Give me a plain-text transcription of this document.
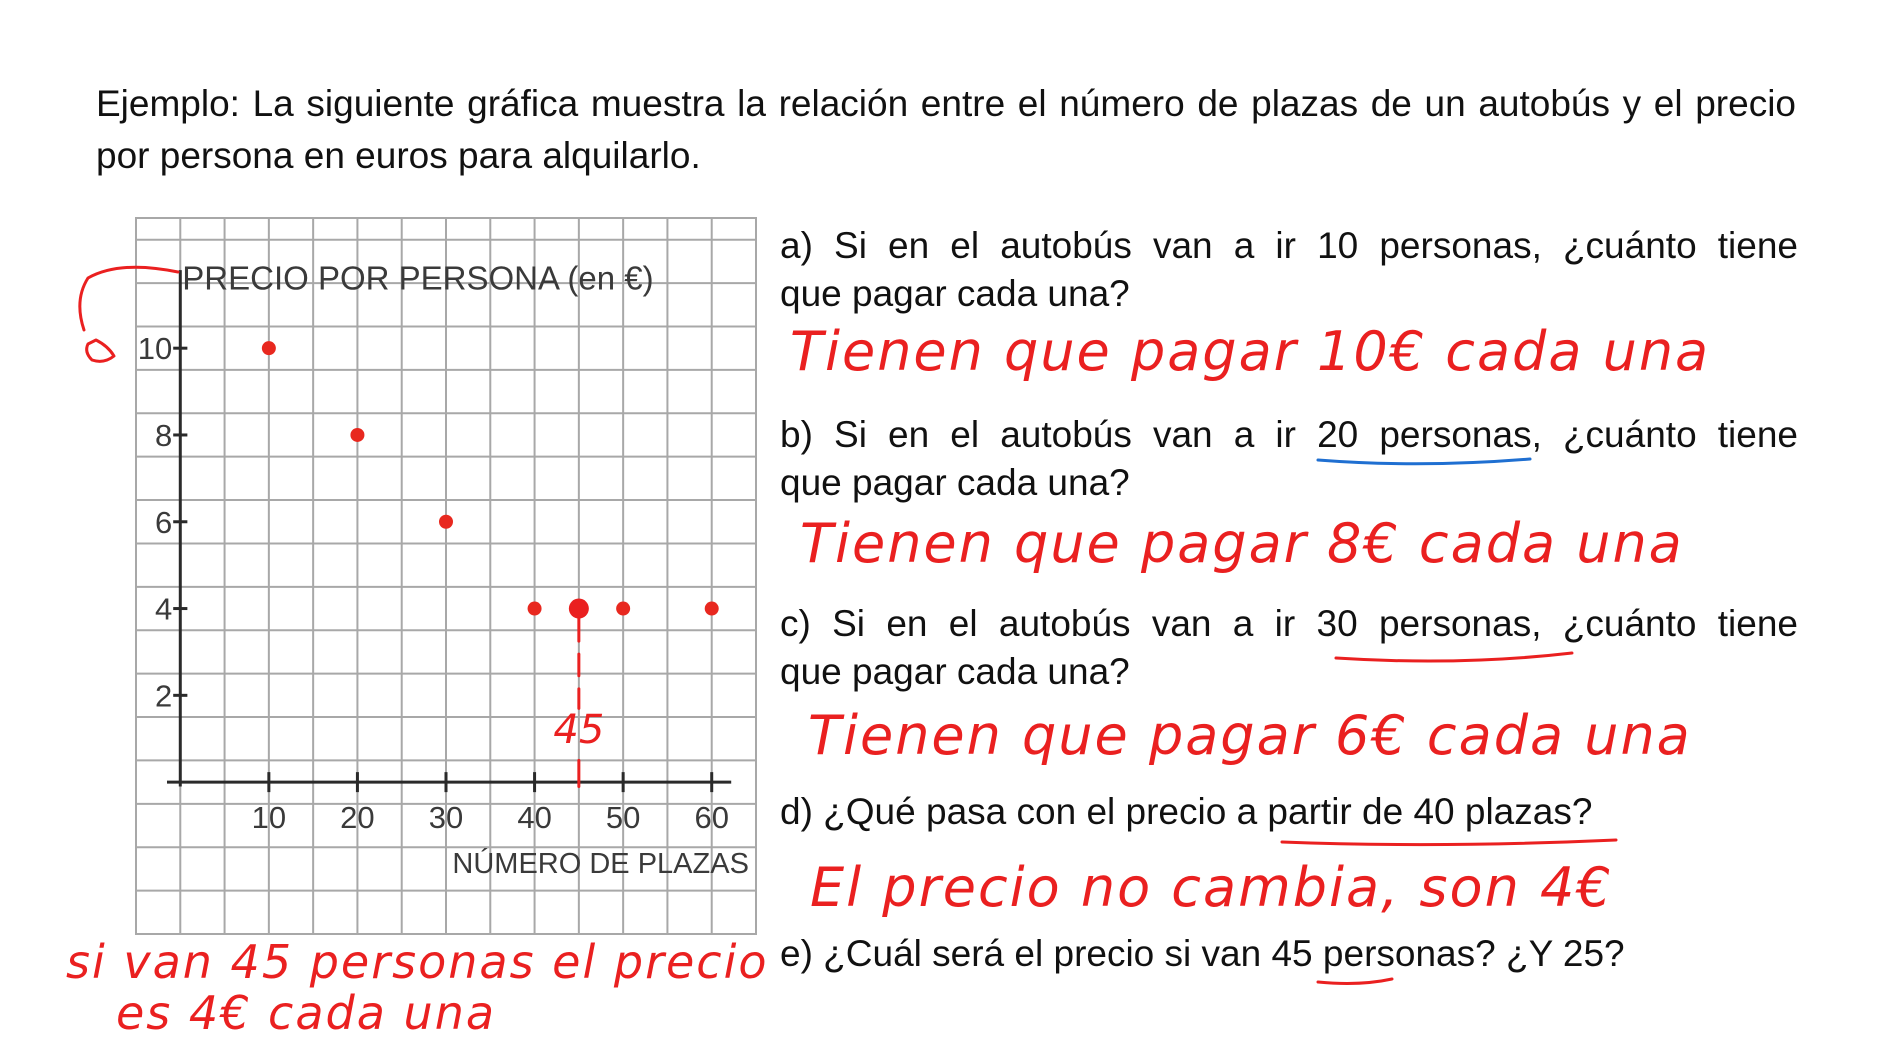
Ejemplo: La siguiente gráfica muestra la relación entre el número de plazas de un autobús y el precio por persona en euros para alquilarlo.
2
4
6
8
10
10 20 30 40 50 60
PRECIO POR PERSONA (en €)
NÚMERO DE PLAZAS
45
a) Si en el autobús van a ir 10 personas, ¿cuánto tiene
que pagar cada una?
b) Si en el autobús van a ir 20 personas, ¿cuánto tiene
que pagar cada una?
c) Si en el autobús van a ir 30 personas, ¿cuánto tiene
que pagar cada una?
d) ¿Qué pasa con el precio a partir de 40 plazas?
e) ¿Cuál será el precio si van 45 personas? ¿Y 25?
Tienen que pagar 10€ cada una
Tienen que pagar 8€ cada una
Tienen que pagar 6€ cada una
El precio no cambia, son 4€
si van 45 personas el precio
es 4€ cada una
